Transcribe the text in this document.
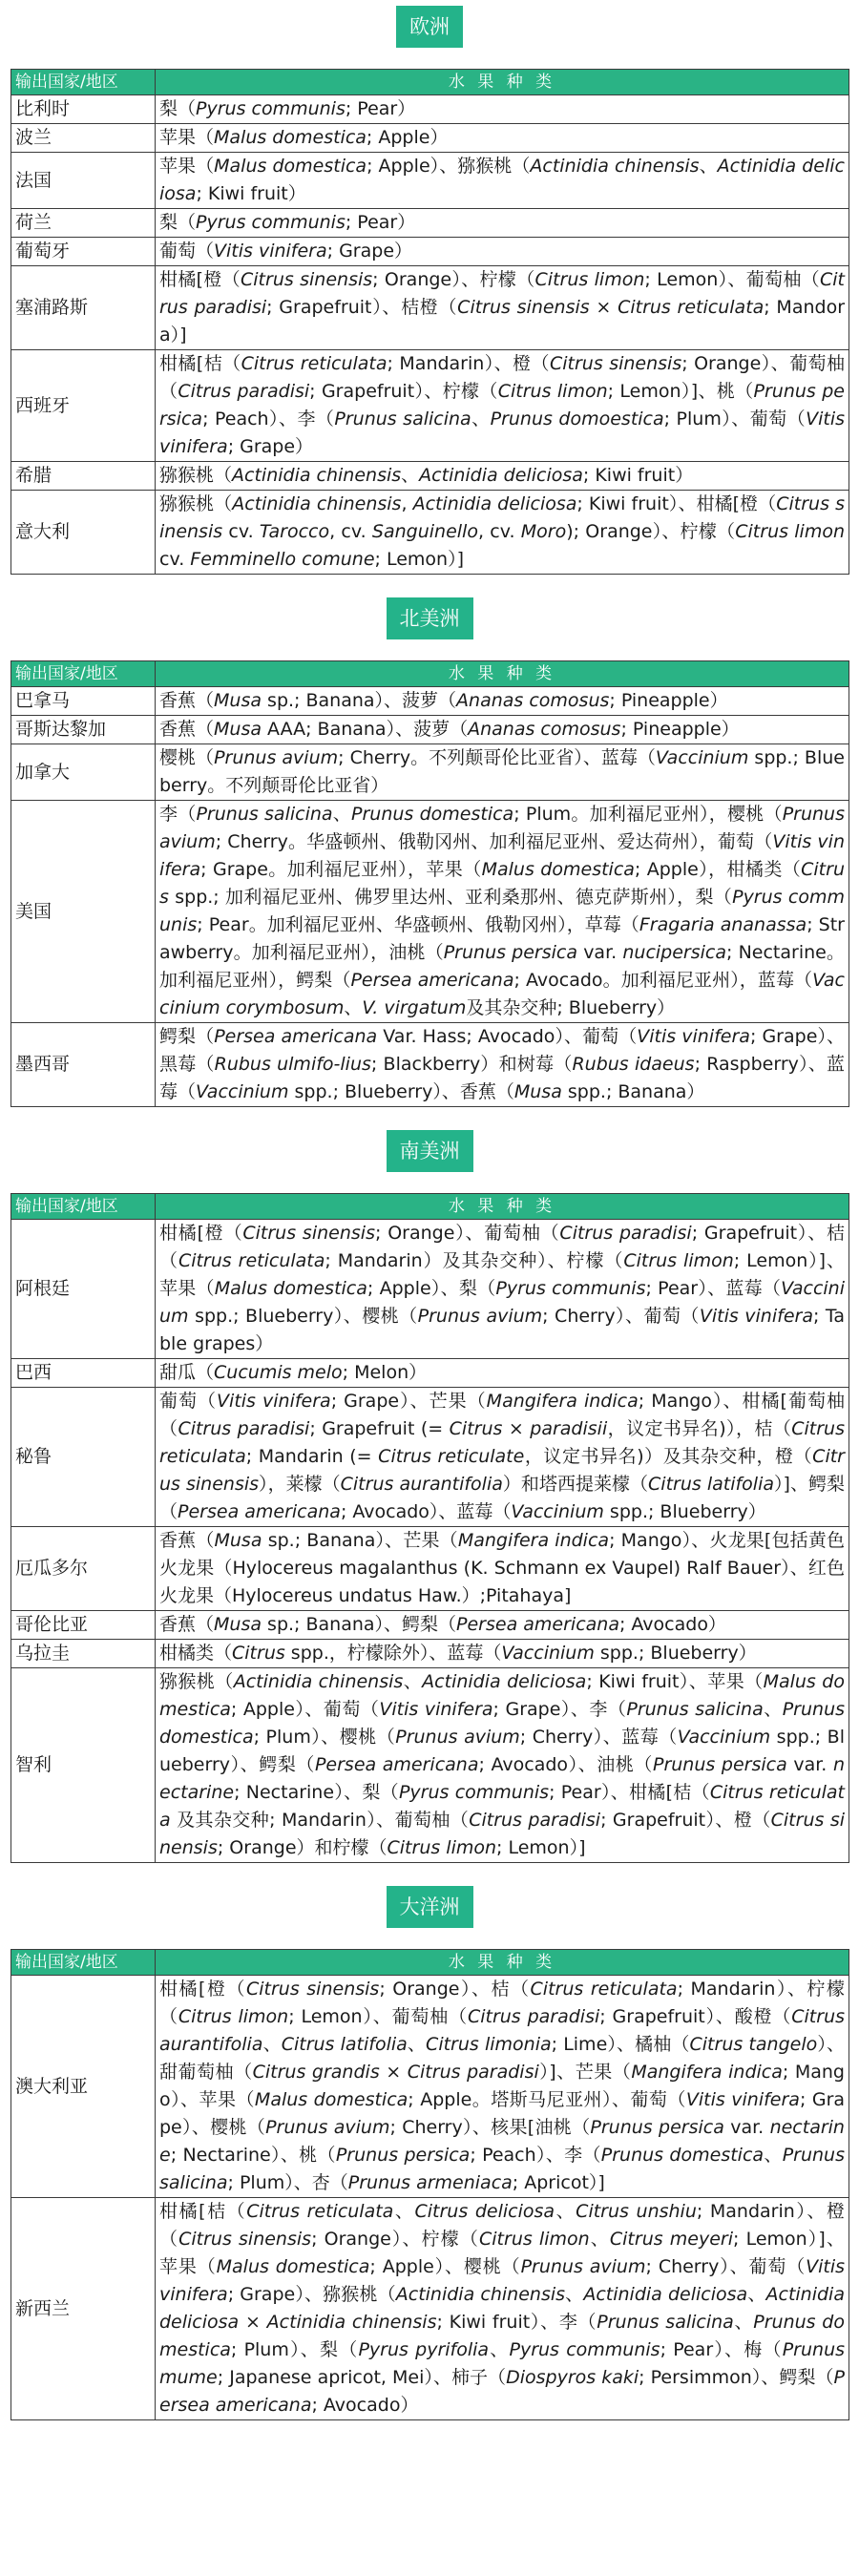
欧洲
输出国家/地区	水 果 种 类
比利时	梨（Pyrus communis; Pear）
波兰	苹果（Malus domestica; Apple）
法国	苹果（Malus domestica; Apple）、猕猴桃（Actinidia chinensis、Actinidia deliciosa; Kiwi fruit）
荷兰	梨（Pyrus communis; Pear）
葡萄牙	葡萄（Vitis vinifera; Grape）
塞浦路斯	柑橘[橙（Citrus sinensis; Orange）、柠檬（Citrus limon; Lemon）、葡萄柚（Citrus paradisi; Grapefruit）、桔橙（Citrus sinensis × Citrus reticulata; Mandora）]
西班牙	柑橘[桔（Citrus reticulata; Mandarin）、橙（Citrus sinensis; Orange）、葡萄柚（Citrus paradisi; Grapefruit）、柠檬（Citrus limon; Lemon）]、桃（Prunus persica; Peach）、李（Prunus salicina、Prunus domoestica; Plum）、葡萄（Vitis vinifera; Grape）
希腊	猕猴桃（Actinidia chinensis、Actinidia deliciosa; Kiwi fruit）
意大利	猕猴桃（Actinidia chinensis, Actinidia deliciosa; Kiwi fruit）、柑橘[橙（Citrus sinensis cv. Tarocco, cv. Sanguinello, cv. Moro); Orange）、柠檬（Citrus limon cv. Femminello comune; Lemon）]
北美洲
输出国家/地区	水 果 种 类
巴拿马	香蕉（Musa sp.; Banana）、菠萝（Ananas comosus; Pineapple）
哥斯达黎加	香蕉（Musa AAA; Banana）、菠萝（Ananas comosus; Pineapple）
加拿大	樱桃（Prunus avium; Cherry。不列颠哥伦比亚省）、蓝莓（Vaccinium spp.; Blueberry。不列颠哥伦比亚省）
美国	李（Prunus salicina、Prunus domestica; Plum。加利福尼亚州），樱桃（Prunus avium; Cherry。华盛顿州、俄勒冈州、加利福尼亚州、爱达荷州），葡萄（Vitis vinifera; Grape。加利福尼亚州），苹果（Malus domestica; Apple），柑橘类（Citrus spp.; 加利福尼亚州、佛罗里达州、亚利桑那州、德克萨斯州），梨（Pyrus communis; Pear。加利福尼亚州、华盛顿州、俄勒冈州），草莓（Fragaria ananassa; Strawberry。加利福尼亚州），油桃（Prunus persica var. nucipersica; Nectarine。加利福尼亚州），鳄梨（Persea americana; Avocado。加利福尼亚州），蓝莓（Vaccinium corymbosum、V. virgatum及其杂交种; Blueberry）
墨西哥	鳄梨（Persea americana Var. Hass; Avocado）、葡萄（Vitis vinifera; Grape）、黑莓（Rubus ulmifo-lius; Blackberry）和树莓（Rubus idaeus; Raspberry）、蓝莓（Vaccinium spp.; Blueberry）、香蕉（Musa spp.; Banana）
南美洲
输出国家/地区	水 果 种 类
阿根廷	柑橘[橙（Citrus sinensis; Orange）、葡萄柚（Citrus paradisi; Grapefruit）、桔（Citrus reticulata; Mandarin）及其杂交种）、柠檬（Citrus limon; Lemon）]、苹果（Malus domestica; Apple）、梨（Pyrus communis; Pear）、蓝莓（Vaccinium spp.; Blueberry）、樱桃（Prunus avium; Cherry）、葡萄（Vitis vinifera; Table grapes）
巴西	甜瓜（Cucumis melo; Melon）
秘鲁	葡萄（Vitis vinifera; Grape）、芒果（Mangifera indica; Mango）、柑橘[葡萄柚（Citrus paradisi; Grapefruit (= Citrus × paradisii，议定书异名)），桔（Citrus reticulata; Mandarin (= Citrus reticulate，议定书异名)）及其杂交种，橙（Citrus sinensis），莱檬（Citrus aurantifolia）和塔西提莱檬（Citrus latifolia）]、鳄梨（Persea americana; Avocado）、蓝莓（Vaccinium spp.; Blueberry）
厄瓜多尔	香蕉（Musa sp.; Banana）、芒果（Mangifera indica; Mango）、火龙果[包括黄色火龙果（Hylocereus magalanthus (K. Schmann ex Vaupel) Ralf Bauer）、红色火龙果（Hylocereus undatus Haw.）;Pitahaya]
哥伦比亚	香蕉（Musa sp.; Banana）、鳄梨（Persea americana; Avocado）
乌拉圭	柑橘类（Citrus spp.，柠檬除外）、蓝莓（Vaccinium spp.; Blueberry）
智利	猕猴桃（Actinidia chinensis、Actinidia deliciosa; Kiwi fruit）、苹果（Malus domestica; Apple）、葡萄（Vitis vinifera; Grape）、李（Prunus salicina、Prunus domestica; Plum）、樱桃（Prunus avium; Cherry）、蓝莓（Vaccinium spp.; Blueberry）、鳄梨（Persea americana; Avocado）、油桃（Prunus persica var. nectarine; Nectarine）、梨（Pyrus communis; Pear）、柑橘[桔（Citrus reticulata 及其杂交种; Mandarin）、葡萄柚（Citrus paradisi; Grapefruit）、橙（Citrus sinensis; Orange）和柠檬（Citrus limon; Lemon）]
大洋洲
输出国家/地区	水 果 种 类
澳大利亚	柑橘[橙（Citrus sinensis; Orange）、桔（Citrus reticulata; Mandarin）、柠檬（Citrus limon; Lemon）、葡萄柚（Citrus paradisi; Grapefruit）、酸橙（Citrus aurantifolia、Citrus latifolia、Citrus limonia; Lime）、橘柚（Citrus tangelo）、甜葡萄柚（Citrus grandis × Citrus paradisi）]、芒果（Mangifera indica; Mango）、苹果（Malus domestica; Apple。塔斯马尼亚州）、葡萄（Vitis vinifera; Grape）、樱桃（Prunus avium; Cherry）、核果[油桃（Prunus persica var. nectarine; Nectarine）、桃（Prunus persica; Peach）、李（Prunus domestica、Prunus salicina; Plum）、杏（Prunus armeniaca; Apricot）]
新西兰	柑橘[桔（Citrus reticulata、Citrus deliciosa、Citrus unshiu; Mandarin）、橙（Citrus sinensis; Orange）、柠檬（Citrus limon、Citrus meyeri; Lemon）]、苹果（Malus domestica; Apple）、樱桃（Prunus avium; Cherry）、葡萄（Vitis vinifera; Grape）、猕猴桃（Actinidia chinensis、Actinidia deliciosa、Actinidia deliciosa × Actinidia chinensis; Kiwi fruit）、李（Prunus salicina、Prunus domestica; Plum）、梨（Pyrus pyrifolia、Pyrus communis; Pear）、梅（Prunus mume; Japanese apricot, Mei）、柿子（Diospyros kaki; Persimmon）、鳄梨（Persea americana; Avocado）
